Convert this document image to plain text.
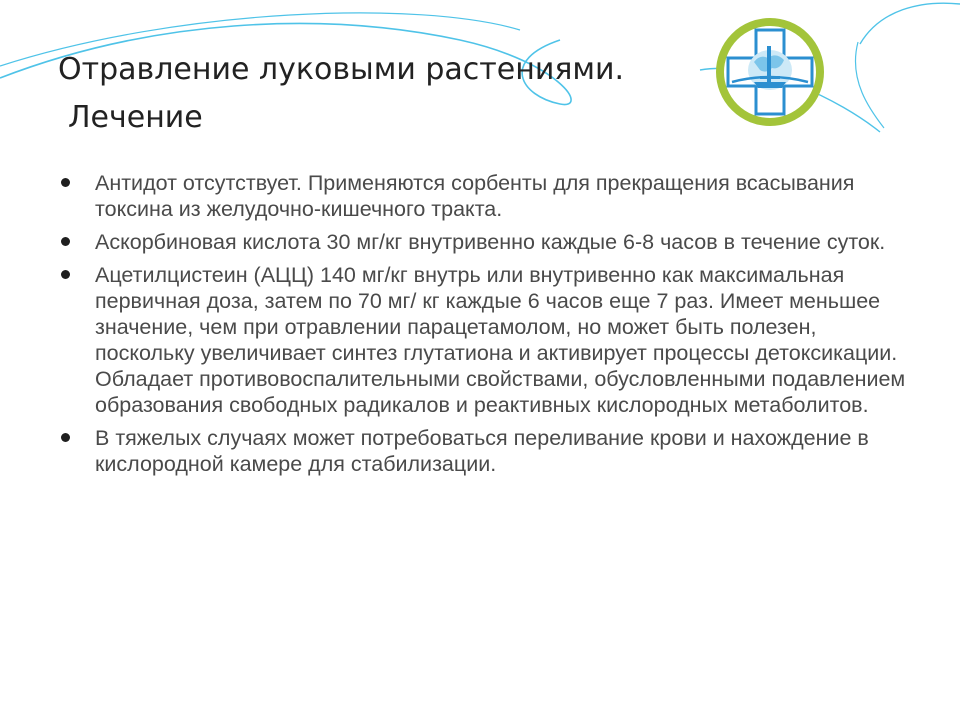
Отравление луковыми растениями.
Лечение
Антидот отсутствует. Применяются сорбенты для прекращения всасывания токсина из желудочно-кишечного тракта.
Аскорбиновая кислота 30 мг/кг внутривенно каждые 6-8 часов в течение суток.
Ацетилцистеин (АЦЦ) 140 мг/кг внутрь или внутривенно как максимальная первичная доза, затем по 70 мг/ кг каждые 6 часов еще 7 раз. Имеет меньшее значение, чем при отравлении парацетамолом, но может быть полезен, поскольку увеличивает синтез глутатиона и активирует процессы детоксикации. Обладает противовоспалительными свойствами, обусловленными подавлением образования свободных радикалов и реактивных кислородных метаболитов.
В тяжелых случаях может потребоваться переливание крови и нахождение в кислородной камере для стабилизации.
